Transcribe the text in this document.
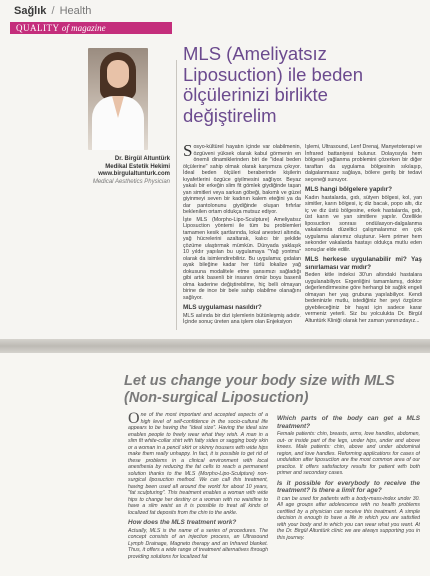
Sağlık / Health
QUALITY of magazine
Dr. Birgül Altuntürk
Medikal Estetik Hekimi
www.birgulaltunturk.com
Medical Aesthetics Physician
MLS (Ameliyatsız Liposuction) ile beden ölçülerinizi birlikte değiştirelim

Sosyo-kültürel hayatın içinde var olabilmenin, özgüveni yüksek olarak kabul görmenin en önemli dinamiklerinden biri de "ideal beden ölçülerine" sahip olmak olarak karşımıza çıkıyor. İdeal beden ölçüleri beraberinde kişilerin kıyafetlerini özgüce giyilmesini sağlıyor. Beyaz yakalı bir erkeğin slim fit gömlek giydiğinde taşan yan simitleri veya sarkan göbeği, bakımlı ve güzel giyinmeyi seven bir kadının kalem eteğini ya da dar pantolonunu giydiğinde oluşan fırfırlar beklenilen ortam oldukça mutsuz ediyor.

İşte MLS (Morpho-Lipo-Sculpture) Ameliyatsız Liposuction yöntemi ile tüm bu problemleri tamamen kesik şartlarında, lokal anestezi altında, yağ hücrelerini azaltarak, kalıcı bir şekilde çözüme ulaştırmak mümkün. Dünyada yaklaşık 10 yıldır yapılan bu uygulamaya "Yağ yontma" olarak da isimlendirebiliriz. Bu uygulama; gıdalan ayak bileğine kadar her türlü lokalize yağ dokusuna modalitele etme şansımızı sağladığı gibi artık basenli bir insanın ömür boyu basenli olma kaderine değiştirebilme, hiç belli olmayan birine de ince bir bele sahip olabilme olanağını sağlıyor.

MLS uygulaması nasıldır?

MLS aslında bir dizi işlemlerin bütünleşmiş adıdır. İçinde sonuç üreten ana işlem olan Enjeksiyon

İşlemi, Ultrasound, Lenf Drenaj, Manyetoterapi ve İnfrared battaniyesi bulunur. Dolayısıyla hem bölgesel yağlanma problemini çözerken bir diğer taraftan da uygulama bölgesinin sıkılaşıp, dalgalanmasız sağlaya, bölere gerilş bir tedavi seçeneği sunuyor.

MLS hangi bölgelere yapılır?

Kadın hastalarda, gıdı, sütyen bölgesi, kol, yan simitler, karın bölgesi, iç diz bacak, popo altı, diz iç ve diz üstü bölgesine, erkek hastalarda, gıdı, üst karın ve yan simitlere yapılır. Özellikle liposuction sonrası ondülasyon-dalgalanma vakalarında düzeltici çalışmalarımız en çok uygulama alanımız oluşturur. Hem primer hem sekonder vakalarda hastayı oldukça mutlu eden sonuçlar elde edilir.

MLS herkese uygulanabilir mi? Yaş sınırlaması var mıdır?

Beden kitle indeksi 30'un altındaki hastalara uygulanabiliyor. Ergenliğini tamamlamış, doktor değerlendirmesine göre herhangi bir sağlık engeli olmayan her yaş grubuna yapılabiliyor. Kendi bedeninizle mutlu, istediğiniz her şeyi özgürce giyebileceğiniz bir hayat için sadece karar vermeniz yeterli. Siz bu yolculukta Dr. Birgül Altuntürk Kliniği olarak her zaman yanınızdayız...

Let us change your body size with MLS (Non-surgical Liposuction)

One of the most important and accepted aspects of a high level of self-confidence in the socio-cultural life appears to be having the "ideal size". Having the ideal size enables people to freely wear what they wish. A man in a slim fit white-collar shirt with fatty sides or sagging body skin or a woman in a pencil skirt or skinny trousers with wide hips make them really unhappy. In fact, it is possible to get rid of these problems in a clinical environment with local anesthesia by reducing the fat cells to reach a permanent solution thanks to the MLS (Morpho-Lipo-Sculpture) non-surgical liposuction method. We can call this treatment, having been used all around the world for about 10 years, "fat sculpturing". This treatment enables a woman with wide hips to change her destiny or a woman with no waistline to have a slim waist as it is possible to treat all kinds of localized fat deposits from the chin to the ankle.

How does the MLS treatment work?

Actually, MLS is the name of a series of procedures. The concept consists of an injection process, an Ultrasound Lymph Drainage, Magneto therapy and an Infrared blanket. Thus, it offers a wide range of treatment alternatives through providing solutions for localized fat

Which parts of the body can get a MLS treatment?

Female patients: chin, breasts, arms, love handles, abdomen, out- or inside part of the legs, under hips, under and above knees. Male patients: chin, above and under abdominal region, and love handles. Reforming applications for cases of undulation after liposuction are the most common area of our practice. It offers satisfactory results for patient with both primer and secondary cases.

Is it possible for everybody to receive the treatment? Is there a limit for age?

It can be used for patients with a body-mass-index under 30. All age groups after adolescence with no health problems certified by a physician can receive this treatment. A simple decision is enough to have a life in which you are satisfied with your body and in which you can wear what you want. At the Dr. Birgül Altuntürk clinic we are always supporting you in this journey.
